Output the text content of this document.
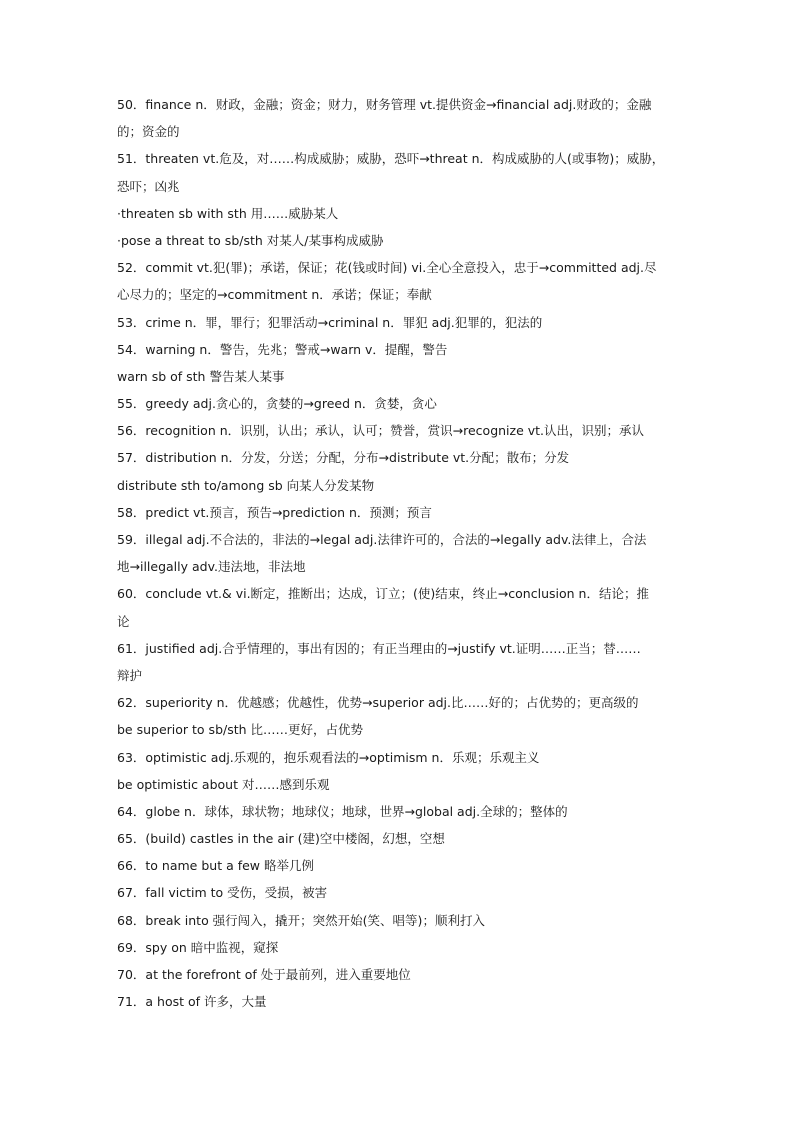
50．finance n．财政，金融；资金；财力，财务管理 vt.提供资金→financial adj.财政的；金融
的；资金的
51．threaten vt.危及，对……构成威胁；威胁，恐吓→threat n．构成威胁的人(或事物)；威胁，
恐吓；凶兆
·threaten sb with sth 用……威胁某人
·pose a threat to sb/sth 对某人/某事构成威胁
52．commit vt.犯(罪)；承诺，保证；花(钱或时间) vi.全心全意投入，忠于→committed adj.尽
心尽力的；坚定的→commitment n．承诺；保证；奉献
53．crime n．罪，罪行；犯罪活动→criminal n．罪犯 adj.犯罪的，犯法的
54．warning n．警告，先兆；警戒→warn v．提醒，警告
warn sb of sth 警告某人某事
55．greedy adj.贪心的，贪婪的→greed n．贪婪，贪心
56．recognition n．识别，认出；承认，认可；赞誉，赏识→recognize vt.认出，识别；承认
57．distribution n．分发，分送；分配，分布→distribute vt.分配；散布；分发
distribute sth to/among sb 向某人分发某物
58．predict vt.预言，预告→prediction n．预测；预言
59．illegal adj.不合法的，非法的→legal adj.法律许可的，合法的→legally adv.法律上，合法
地→illegally adv.违法地，非法地
60．conclude vt.& vi.断定，推断出；达成，订立；(使)结束，终止→conclusion n．结论；推
论
61．justified adj.合乎情理的，事出有因的；有正当理由的→justify vt.证明……正当；替……
辩护
62．superiority n．优越感；优越性，优势→superior adj.比……好的；占优势的；更高级的
be superior to sb/sth 比……更好，占优势
63．optimistic adj.乐观的，抱乐观看法的→optimism n．乐观；乐观主义
be optimistic about 对……感到乐观
64．globe n．球体，球状物；地球仪；地球，世界→global adj.全球的；整体的
65．(build) castles in the air (建)空中楼阁，幻想，空想
66．to name but a few 略举几例
67．fall victim to 受伤，受损，被害
68．break into 强行闯入，撬开；突然开始(笑、唱等)；顺利打入
69．spy on 暗中监视，窥探
70．at the forefront of 处于最前列，进入重要地位
71．a host of 许多，大量
